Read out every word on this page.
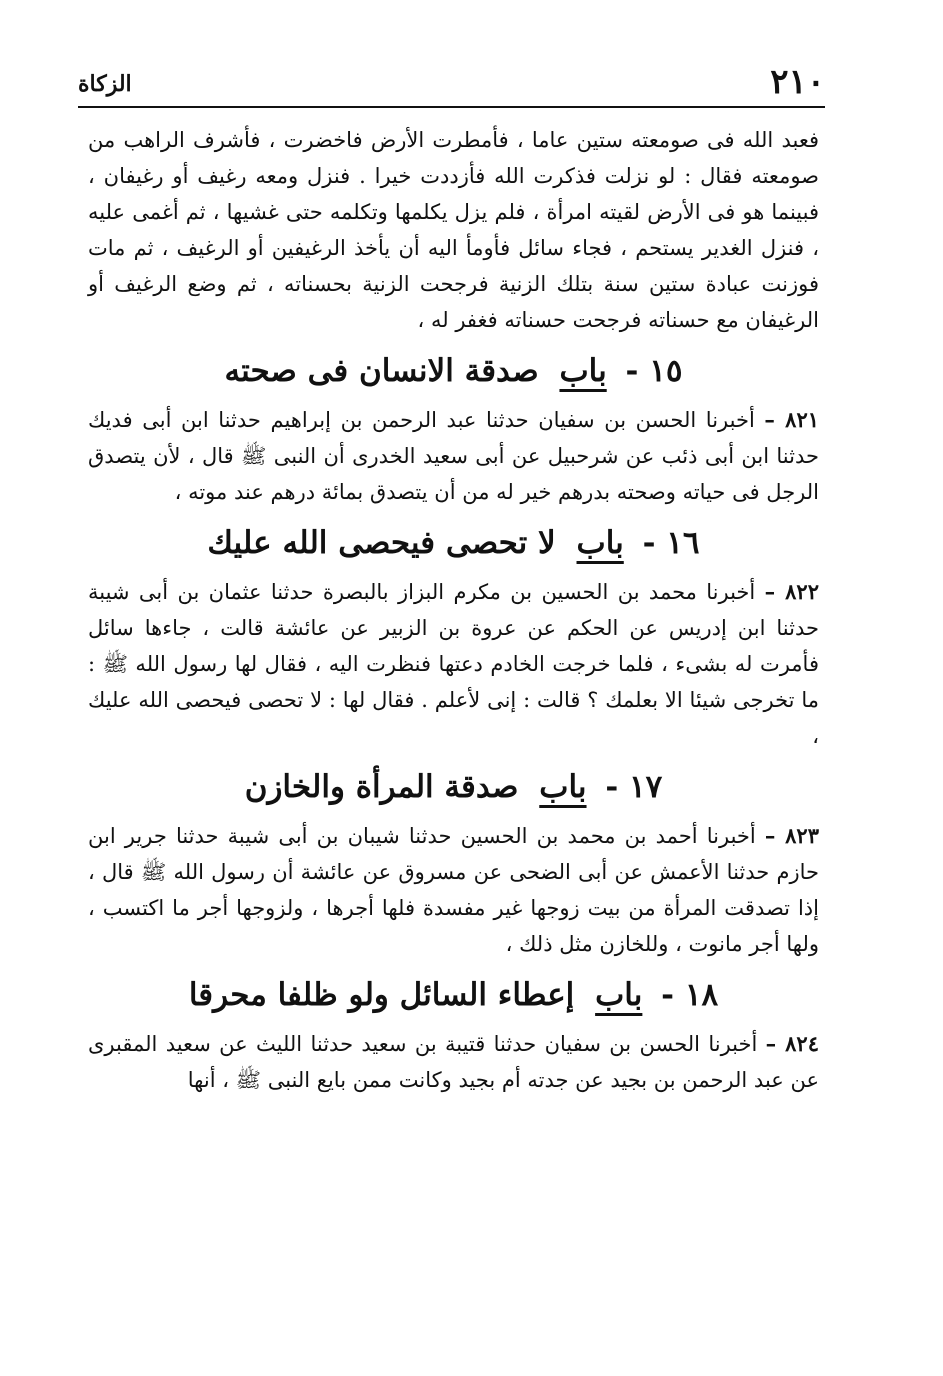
٢١٠
الزكاة

فعبد الله فى صومعته ستين عاما ، فأمطرت الأرض فاخضرت ، فأشرف الراهب من صومعته فقال : لو نزلت فذكرت الله فأزددت خيرا . فنزل ومعه رغيف أو رغيفان ، فبينما هو فى الأرض لقيته امرأة ، فلم يزل يكلمها وتكلمه حتى غشيها ، ثم أغمى عليه ، فنزل الغدير يستحم ، فجاء سائل فأومأ اليه أن يأخذ الرغيفين أو الرغيف ، ثم مات فوزنت عبادة ستين سنة بتلك الزنية فرجحت الزنية بحسناته ، ثم وضع الرغيف أو الرغيفان مع حسناته فرجحت حسناته فغفر له ،

١٥ - باب صدقة الانسان فى صحته

٨٢١ – أخبرنا الحسن بن سفيان حدثنا عبد الرحمن بن إبراهيم حدثنا ابن أبى فديك حدثنا ابن أبى ذئب عن شرحبيل عن أبى سعيد الخدرى أن النبى ﷺ قال ، لأن يتصدق الرجل فى حياته وصحته بدرهم خير له من أن يتصدق بمائة درهم عند موته ،

١٦ - باب لا تحصى فيحصى الله عليك

٨٢٢ – أخبرنا محمد بن الحسين بن مكرم البزاز بالبصرة حدثنا عثمان بن أبى شيبة حدثنا ابن إدريس عن الحكم عن عروة بن الزبير عن عائشة قالت ، جاءها سائل فأمرت له بشىء ، فلما خرجت الخادم دعتها فنظرت اليه ، فقال لها رسول الله ﷺ : ما تخرجى شيئا الا بعلمك ؟ قالت : إنى لأعلم . فقال لها : لا تحصى فيحصى الله عليك ،

١٧ - باب صدقة المرأة والخازن

٨٢٣ – أخبرنا أحمد بن محمد بن الحسين حدثنا شيبان بن أبى شيبة حدثنا جرير ابن حازم حدثنا الأعمش عن أبى الضحى عن مسروق عن عائشة أن رسول الله ﷺ قال ، إذا تصدقت المرأة من بيت زوجها غير مفسدة فلها أجرها ، ولزوجها أجر ما اكتسب ، ولها أجر مانوت ، وللخازن مثل ذلك ،

١٨ - باب إعطاء السائل ولو ظلفا محرقا

٨٢٤ – أخبرنا الحسن بن سفيان حدثنا قتيبة بن سعيد حدثنا الليث عن سعيد المقبرى عن عبد الرحمن بن بجيد عن جدته أم بجيد وكانت ممن بايع النبى ﷺ ، أنها
